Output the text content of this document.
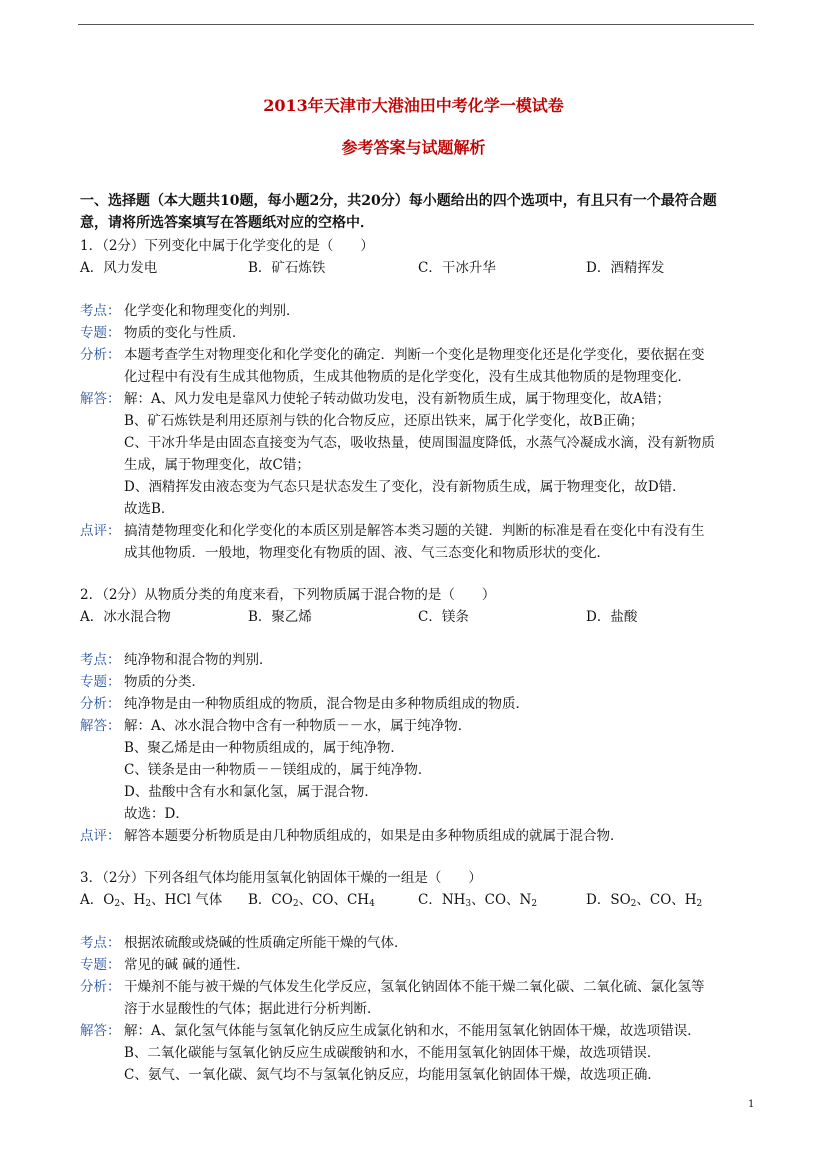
2013年天津市大港油田中考化学一模试卷
参考答案与试题解析
一、选择题（本大题共10题，每小题2分，共20分）每小题给出的四个选项中，有且只有一个最符合题
意，请将所选答案填写在答题纸对应的空格中．
1．（2分）下列变化中属于化学变化的是（　　）
A．风力发电	B．矿石炼铁	C．干冰升华	D．酒精挥发
考点： 化学变化和物理变化的判别．
专题： 物质的变化与性质．
分析： 本题考查学生对物理变化和化学变化的确定．判断一个变化是物理变化还是化学变化，要依据在变
化过程中有没有生成其他物质，生成其他物质的是化学变化，没有生成其他物质的是物理变化．
解答： 解：A、风力发电是靠风力使轮子转动做功发电，没有新物质生成，属于物理变化，故A错；
B、矿石炼铁是利用还原剂与铁的化合物反应，还原出铁来，属于化学变化，故B正确；
C、干冰升华是由固态直接变为气态，吸收热量，使周围温度降低，水蒸气冷凝成水滴，没有新物质
生成，属于物理变化，故C错；
D、酒精挥发由液态变为气态只是状态发生了变化，没有新物质生成，属于物理变化，故D错．
故选B．
点评： 搞清楚物理变化和化学变化的本质区别是解答本类习题的关键．判断的标准是看在变化中有没有生
成其他物质．一般地，物理变化有物质的固、液、气三态变化和物质形状的变化．
2．（2分）从物质分类的角度来看，下列物质属于混合物的是（　　）
A．冰水混合物	B．聚乙烯	C．镁条	D．盐酸
考点： 纯净物和混合物的判别．
专题： 物质的分类．
分析： 纯净物是由一种物质组成的物质，混合物是由多种物质组成的物质．
解答： 解：A、冰水混合物中含有一种物质－－水，属于纯净物．
B、聚乙烯是由一种物质组成的，属于纯净物．
C、镁条是由一种物质－－镁组成的，属于纯净物．
D、盐酸中含有水和氯化氢，属于混合物．
故选：D．
点评： 解答本题要分析物质是由几种物质组成的，如果是由多种物质组成的就属于混合物．
3．（2分）下列各组气体均能用氢氧化钠固体干燥的一组是（　　）
A．$O_2$、$H_2$、HCl 气体 B．$CO_2$、CO、$CH_4$	C．$NH_3$、CO、$N_2$	D．$SO_2$、CO、$H_2$
考点： 根据浓硫酸或烧碱的性质确定所能干燥的气体．
专题： 常见的碱 碱的通性．
分析： 干燥剂不能与被干燥的气体发生化学反应，氢氧化钠固体不能干燥二氧化碳、二氧化硫、氯化氢等
溶于水显酸性的气体；据此进行分析判断．
解答： 解：A、氯化氢气体能与氢氧化钠反应生成氯化钠和水，不能用氢氧化钠固体干燥，故选项错误．
B、二氧化碳能与氢氧化钠反应生成碳酸钠和水，不能用氢氧化钠固体干燥，故选项错误．
C、氨气、一氧化碳、氮气均不与氢氧化钠反应，均能用氢氧化钠固体干燥，故选项正确．
1
